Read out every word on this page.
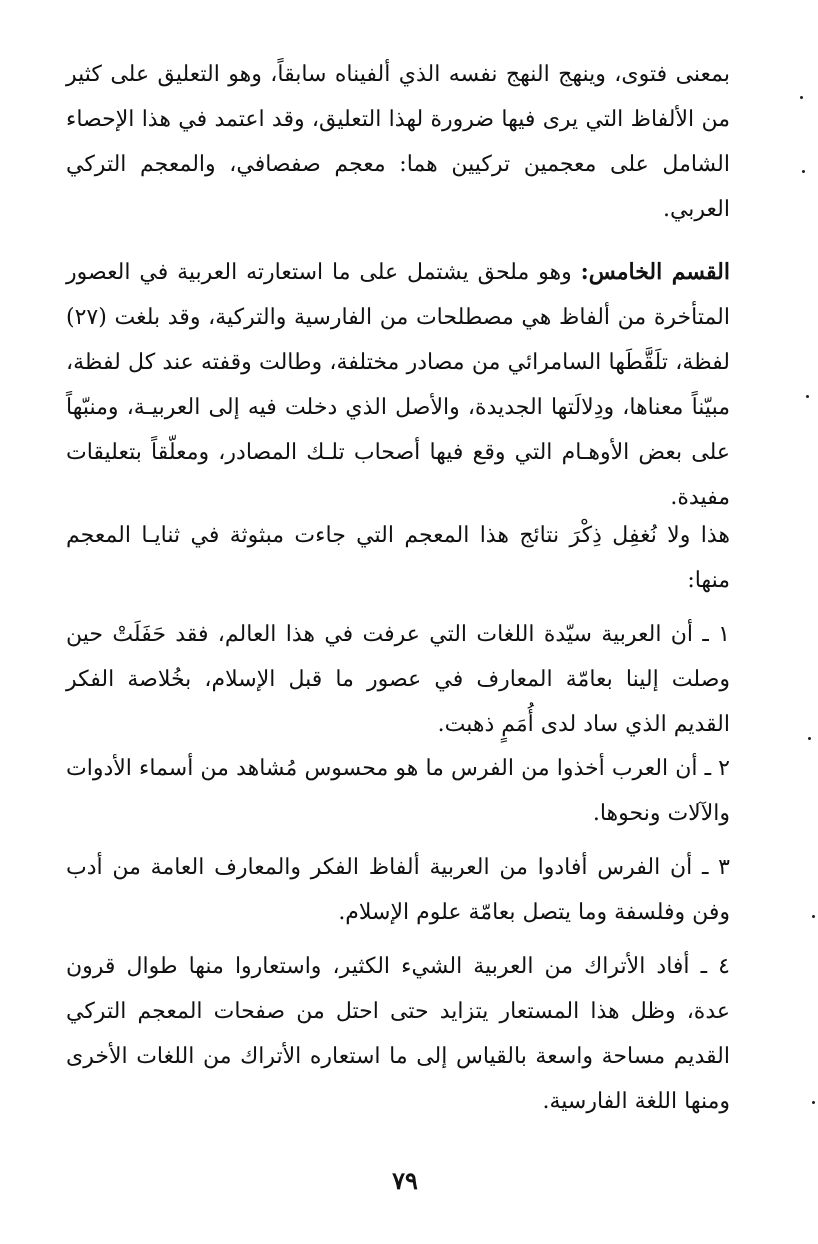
بمعنى فتوى، وينهج النهج نفسه الذي ألفيناه سابقاً، وهو التعليق على كثير من الألفاظ التي يرى فيها ضرورة لهذا التعليق، وقد اعتمد في هذا الإحصاء الشامل على معجمين تركيين هما: معجم صفصافي، والمعجم التركي العربي.

القسم الخامس: وهو ملحق يشتمل على ما استعارته العربية في العصور المتأخرة من ألفاظ هي مصطلحات من الفارسية والتركية، وقد بلغت (٢٧) لفظة، تلَقَّطَها السامرائي من مصادر مختلفة، وطالت وقفته عند كل لفظة، مبيّناً معناها، ودِلالَتها الجديدة، والأصل الذي دخلت فيه إلى العربيـة، ومنبّهاً على بعض الأوهـام التي وقع فيها أصحاب تلـك المصادر، ومعلّقاً بتعليقات مفيدة.

هذا ولا نُغفِل ذِكْرَ نتائج هذا المعجم التي جاءت مبثوثة في ثنايـا المعجم منها:

١ ـ أن العربية سيّدة اللغات التي عرفت في هذا العالم، فقد حَفَلَتْ حين وصلت إلينا بعامّة المعارف في عصور ما قبل الإسلام، بخُلاصة الفكر القديم الذي ساد لدى أُمَمٍ ذهبت.

٢ ـ أن العرب أخذوا من الفرس ما هو محسوس مُشاهد من أسماء الأدوات والآلات ونحوها.

٣ ـ أن الفرس أفادوا من العربية ألفاظ الفكر والمعارف العامة من أدب وفن وفلسفة وما يتصل بعامّة علوم الإسلام.

٤ ـ أفاد الأتراك من العربية الشيء الكثير، واستعاروا منها طوال قرون عدة، وظل هذا المستعار يتزايد حتى احتل من صفحات المعجم التركي القديم مساحة واسعة بالقياس إلى ما استعاره الأتراك من اللغات الأخرى ومنها اللغة الفارسية.

٧٩
